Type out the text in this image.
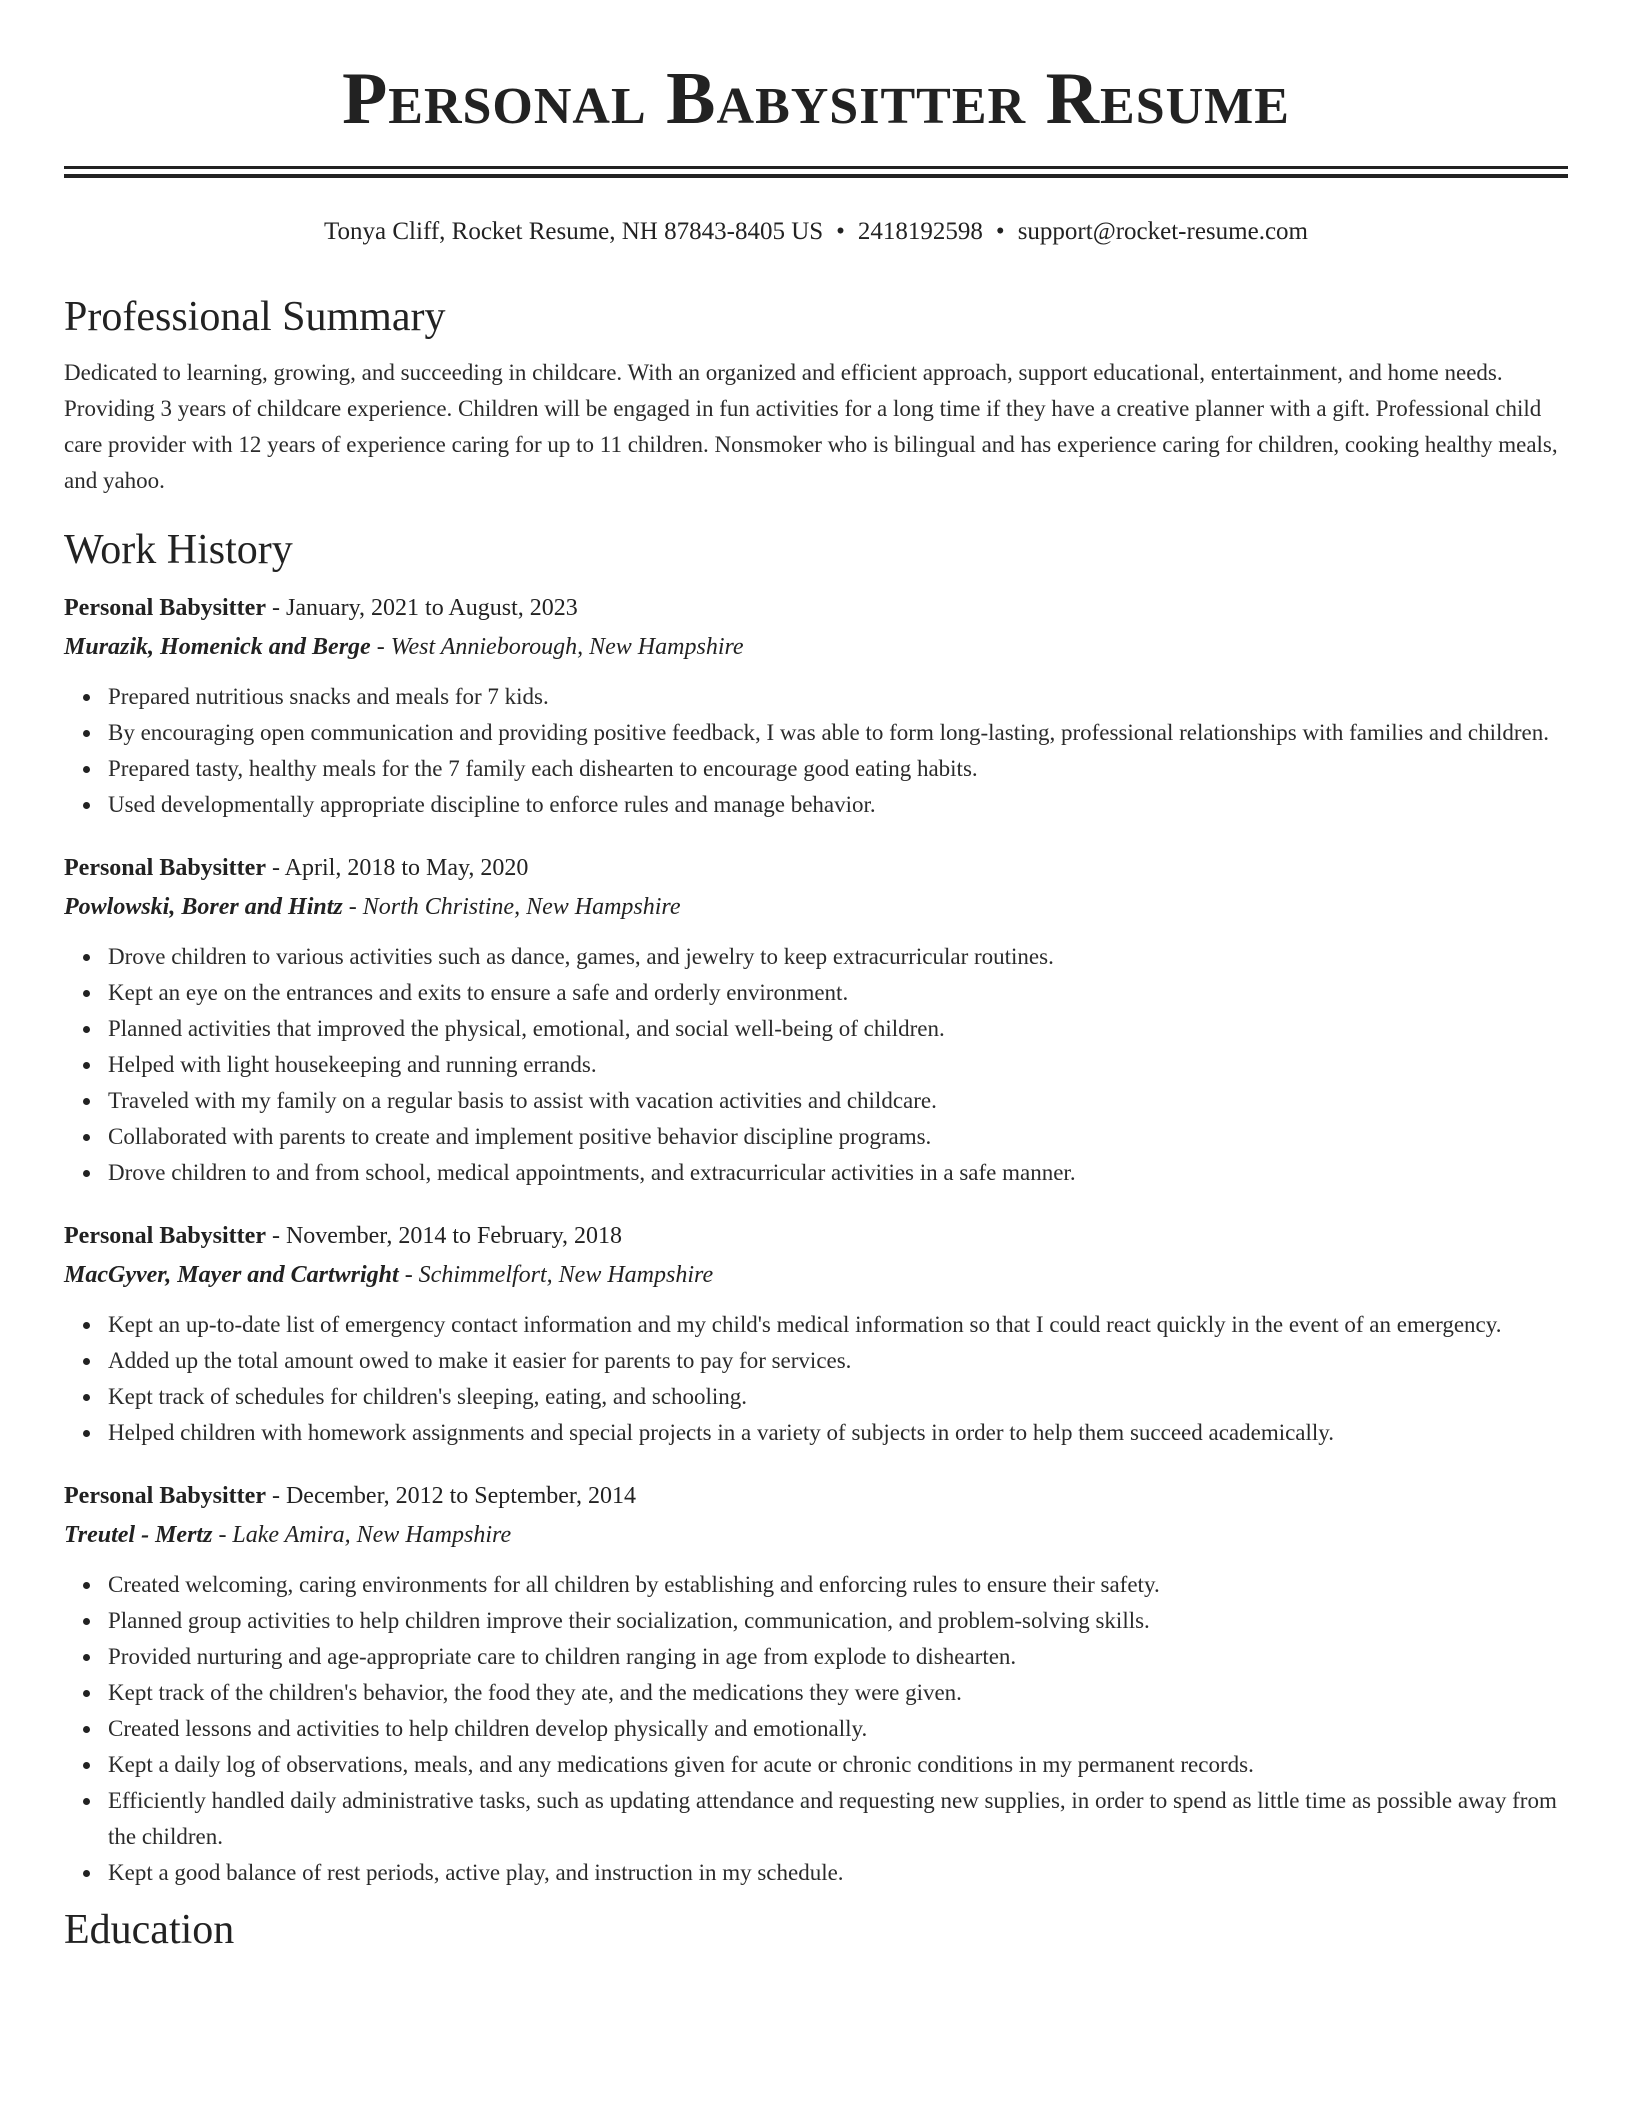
Personal Babysitter Resume
Tonya Cliff, Rocket Resume, NH 87843-8405 US • 2418192598 • support@rocket-resume.com
Professional Summary

Dedicated to learning, growing, and succeeding in childcare. With an organized and efficient approach, support educational, entertainment, and home needs. Providing 3 years of childcare experience. Children will be engaged in fun activities for a long time if they have a creative planner with a gift. Professional child care provider with 12 years of experience caring for up to 11 children. Nonsmoker who is bilingual and has experience caring for children, cooking healthy meals, and yahoo.

Work History
Personal Babysitter - January, 2021 to August, 2023
Murazik, Homenick and Berge - West Annieborough, New Hampshire
Prepared nutritious snacks and meals for 7 kids.
By encouraging open communication and providing positive feedback, I was able to form long-lasting, professional relationships with families and children.
Prepared tasty, healthy meals for the 7 family each dishearten to encourage good eating habits.
Used developmentally appropriate discipline to enforce rules and manage behavior.
Personal Babysitter - April, 2018 to May, 2020
Powlowski, Borer and Hintz - North Christine, New Hampshire
Drove children to various activities such as dance, games, and jewelry to keep extracurricular routines.
Kept an eye on the entrances and exits to ensure a safe and orderly environment.
Planned activities that improved the physical, emotional, and social well-being of children.
Helped with light housekeeping and running errands.
Traveled with my family on a regular basis to assist with vacation activities and childcare.
Collaborated with parents to create and implement positive behavior discipline programs.
Drove children to and from school, medical appointments, and extracurricular activities in a safe manner.
Personal Babysitter - November, 2014 to February, 2018
MacGyver, Mayer and Cartwright - Schimmelfort, New Hampshire
Kept an up-to-date list of emergency contact information and my child's medical information so that I could react quickly in the event of an emergency.
Added up the total amount owed to make it easier for parents to pay for services.
Kept track of schedules for children's sleeping, eating, and schooling.
Helped children with homework assignments and special projects in a variety of subjects in order to help them succeed academically.
Personal Babysitter - December, 2012 to September, 2014
Treutel - Mertz - Lake Amira, New Hampshire
Created welcoming, caring environments for all children by establishing and enforcing rules to ensure their safety.
Planned group activities to help children improve their socialization, communication, and problem-solving skills.
Provided nurturing and age-appropriate care to children ranging in age from explode to dishearten.
Kept track of the children's behavior, the food they ate, and the medications they were given.
Created lessons and activities to help children develop physically and emotionally.
Kept a daily log of observations, meals, and any medications given for acute or chronic conditions in my permanent records.
Efficiently handled daily administrative tasks, such as updating attendance and requesting new supplies, in order to spend as little time as possible away from the children.
Kept a good balance of rest periods, active play, and instruction in my schedule.
Education
